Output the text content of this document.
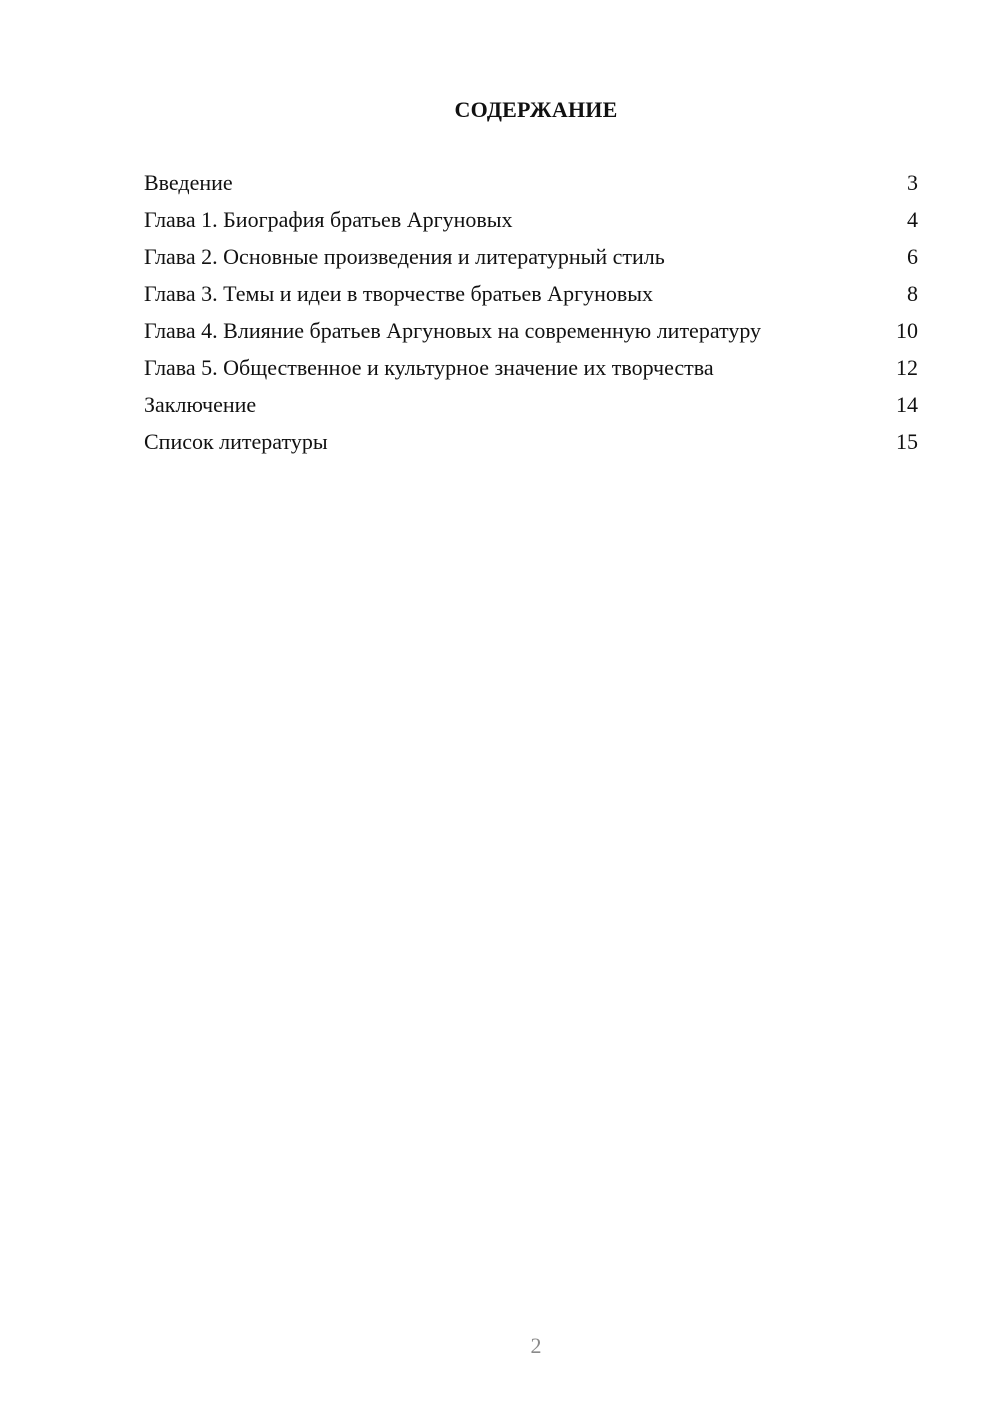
СОДЕРЖАНИЕ
Введение	3
Глава 1. Биография братьев Аргуновых	4
Глава 2. Основные произведения и литературный стиль	6
Глава 3. Темы и идеи в творчестве братьев Аргуновых	8
Глава 4. Влияние братьев Аргуновых на современную литературу	10
Глава 5. Общественное и культурное значение их творчества	12
Заключение	14
Список литературы	15
2
